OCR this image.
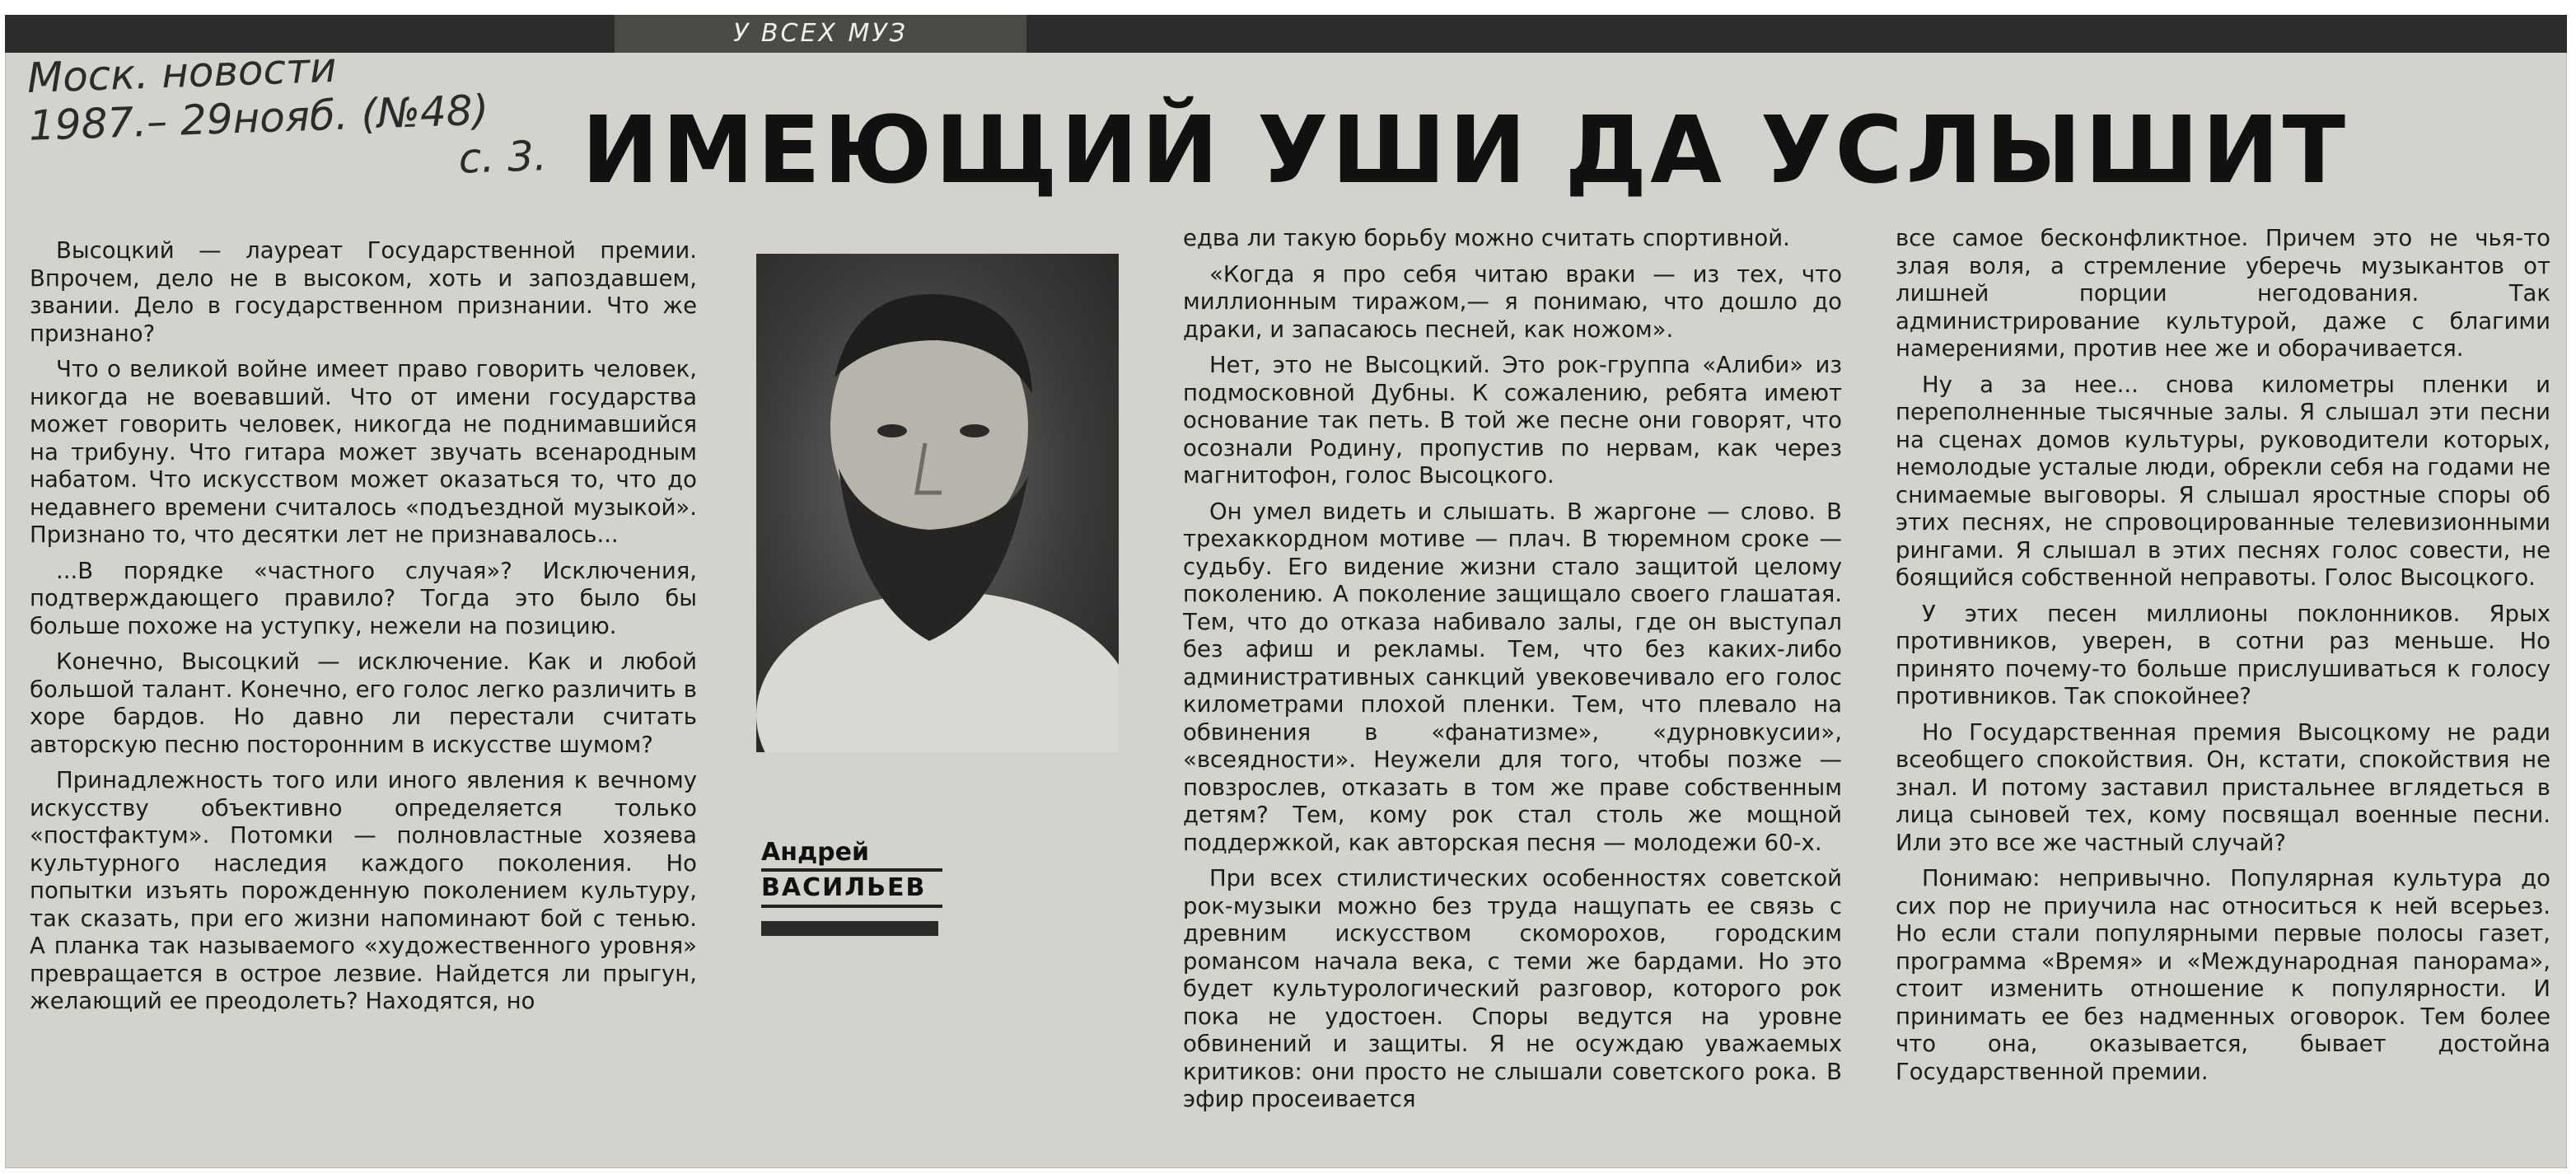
У ВСЕХ МУЗ
Моск. новости
1987.– 29нояб. (№48)
с. 3. ИМЕЮЩИЙ УШИ ДА УСЛЫШИТ

Высоцкий — лауреат Государственной премии. Впрочем, дело не в высоком, хоть и запоздавшем, звании. Дело в государственном признании. Что же признано?

Что о великой войне имеет право говорить человек, никогда не воевавший. Что от имени государства может говорить человек, никогда не поднимавшийся на трибуну. Что гитара может звучать всенародным набатом. Что искусством может оказаться то, что до недавнего времени считалось «подъездной музыкой». Признано то, что десятки лет не признавалось...

...В порядке «частного случая»? Исключения, подтверждающего правило? Тогда это было бы больше похоже на уступку, нежели на позицию.

Конечно, Высоцкий — исключение. Как и любой большой талант. Конечно, его голос легко различить в хоре бардов. Но давно ли перестали считать авторскую песню посторонним в искусстве шумом?

Принадлежность того или иного явления к вечному искусству объективно определяется только «постфактум». Потомки — полновластные хозяева культурного наследия каждого поколения. Но попытки изъять порожденную поколением культуру, так сказать, при его жизни напоминают бой с тенью. А планка так называемого «художественного уровня» превращается в острое лезвие. Найдется ли прыгун, желающий ее преодолеть? Находятся, но

Андрей
ВАСИЛЬЕВ

едва ли такую борьбу можно считать спортивной.

«Когда я про себя читаю враки — из тех, что миллионным тиражом,— я понимаю, что дошло до драки, и запасаюсь песней, как ножом».

Нет, это не Высоцкий. Это рок-группа «Алиби» из подмосковной Дубны. К сожалению, ребята имеют основание так петь. В той же песне они говорят, что осознали Родину, пропустив по нервам, как через магнитофон, голос Высоцкого.

Он умел видеть и слышать. В жаргоне — слово. В трехаккордном мотиве — плач. В тюремном сроке — судьбу. Его видение жизни стало защитой целому поколению. А поколение защищало своего глашатая. Тем, что до отказа набивало залы, где он выступал без афиш и рекламы. Тем, что без каких-либо административных санкций увековечивало его голос километрами плохой пленки. Тем, что плевало на обвинения в «фанатизме», «дурновкусии», «всеядности». Неужели для того, чтобы позже — повзрослев, отказать в том же праве собственным детям? Тем, кому рок стал столь же мощной поддержкой, как авторская песня — молодежи 60-х.

При всех стилистических особенностях советской рок-музыки можно без труда нащупать ее связь с древним искусством скоморохов, городским романсом начала века, с теми же бардами. Но это будет культурологический разговор, которого рок пока не удостоен. Споры ведутся на уровне обвинений и защиты. Я не осуждаю уважаемых критиков: они просто не слышали советского рока. В эфир просеивается

все самое бесконфликтное. Причем это не чья-то злая воля, а стремление уберечь музыкантов от лишней порции негодования. Так администрирование культурой, даже с благими намерениями, против нее же и оборачивается.

Ну а за нее... снова километры пленки и переполненные тысячные залы. Я слышал эти песни на сценах домов культуры, руководители которых, немолодые усталые люди, обрекли себя на годами не снимаемые выговоры. Я слышал яростные споры об этих песнях, не спровоцированные телевизионными рингами. Я слышал в этих песнях голос совести, не боящийся собственной неправоты. Голос Высоцкого.

У этих песен миллионы поклонников. Ярых противников, уверен, в сотни раз меньше. Но принято почему-то больше прислушиваться к голосу противников. Так спокойнее?

Но Государственная премия Высоцкому не ради всеобщего спокойствия. Он, кстати, спокойствия не знал. И потому заставил пристальнее вглядеться в лица сыновей тех, кому посвящал военные песни. Или это все же частный случай?

Понимаю: непривычно. Популярная культура до сих пор не приучила нас относиться к ней всерьез. Но если стали популярными первые полосы газет, программа «Время» и «Международная панорама», стоит изменить отношение к популярности. И принимать ее без надменных оговорок. Тем более что она, оказывается, бывает достойна Государственной премии.
